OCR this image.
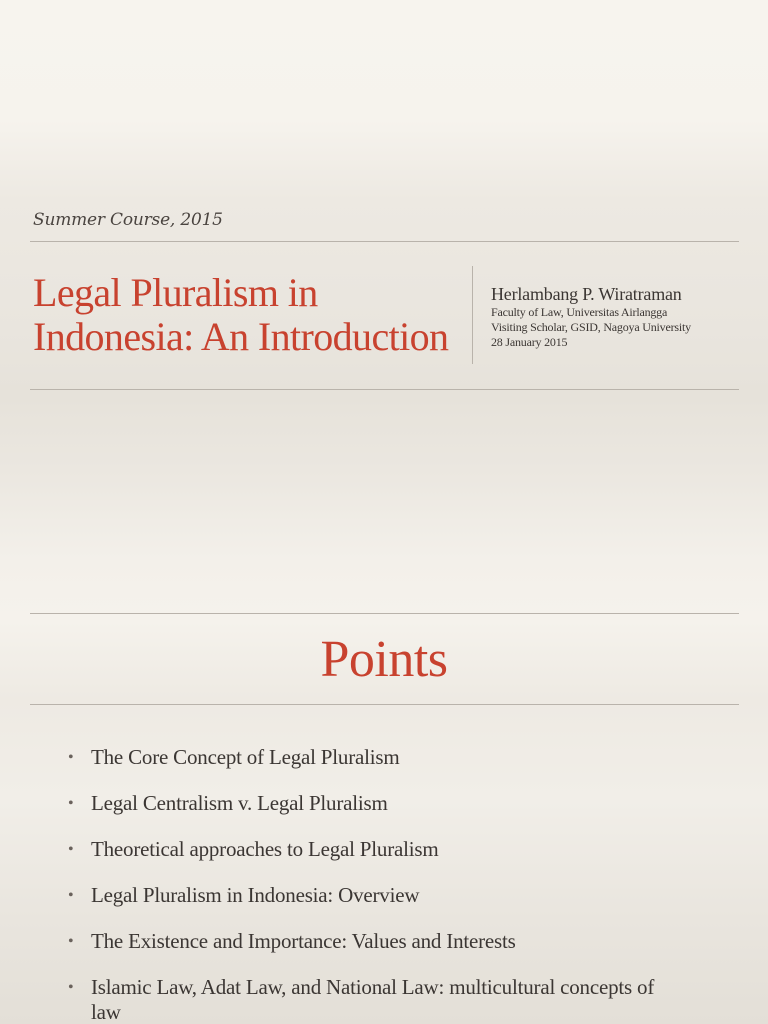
Summer Course, 2015
Legal Pluralism in Indonesia: An Introduction
Herlambang P. Wiratraman
Faculty of Law, Universitas Airlangga
Visiting Scholar, GSID, Nagoya University
28 January 2015
Points
• The Core Concept of Legal Pluralism
• Legal Centralism v. Legal Pluralism
• Theoretical approaches to Legal Pluralism
• Legal Pluralism in Indonesia: Overview
• The Existence and Importance: Values and Interests
• Islamic Law, Adat Law, and National Law: multicultural concepts of law
